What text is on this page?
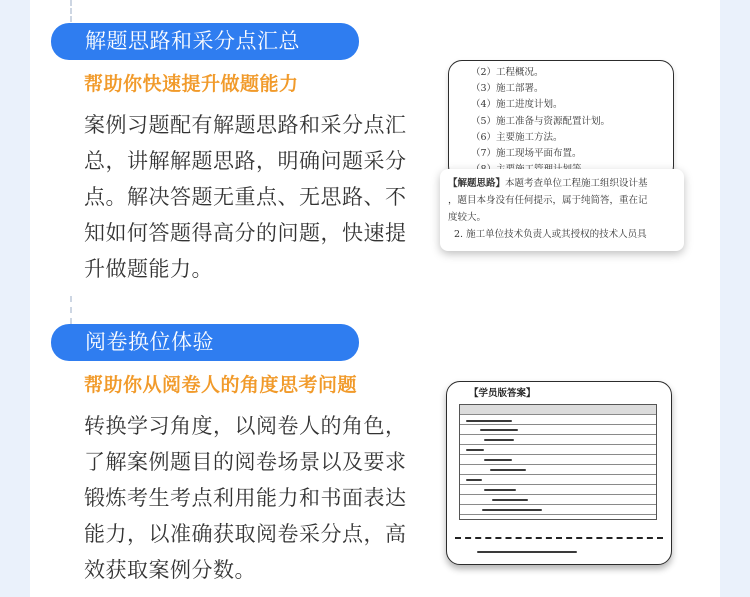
解题思路和采分点汇总
帮助你快速提升做题能力
案例习题配有解题思路和采分点汇
总，讲解解题思路，明确问题采分
点。解决答题无重点、无思路、不
知如何答题得高分的问题，快速提
升做题能力。
（2）工程概况。
（3）施工部署。
（4）施工进度计划。
（5）施工准备与资源配置计划。
（6）主要施工方法。
（7）施工现场平面布置。

【解题思路】本题考查单位工程施工组织设计基

，题目本身没有任何提示，属于纯简答，重在记

度较大。

2. 施工单位技术负责人或其授权的技术人员具

阅卷换位体验
帮助你从阅卷人的角度思考问题
转换学习角度，以阅卷人的角色，
了解案例题目的阅卷场景以及要求
锻炼考生考点利用能力和书面表达
能力，以准确获取阅卷采分点，高
效获取案例分数。
【学员版答案】
